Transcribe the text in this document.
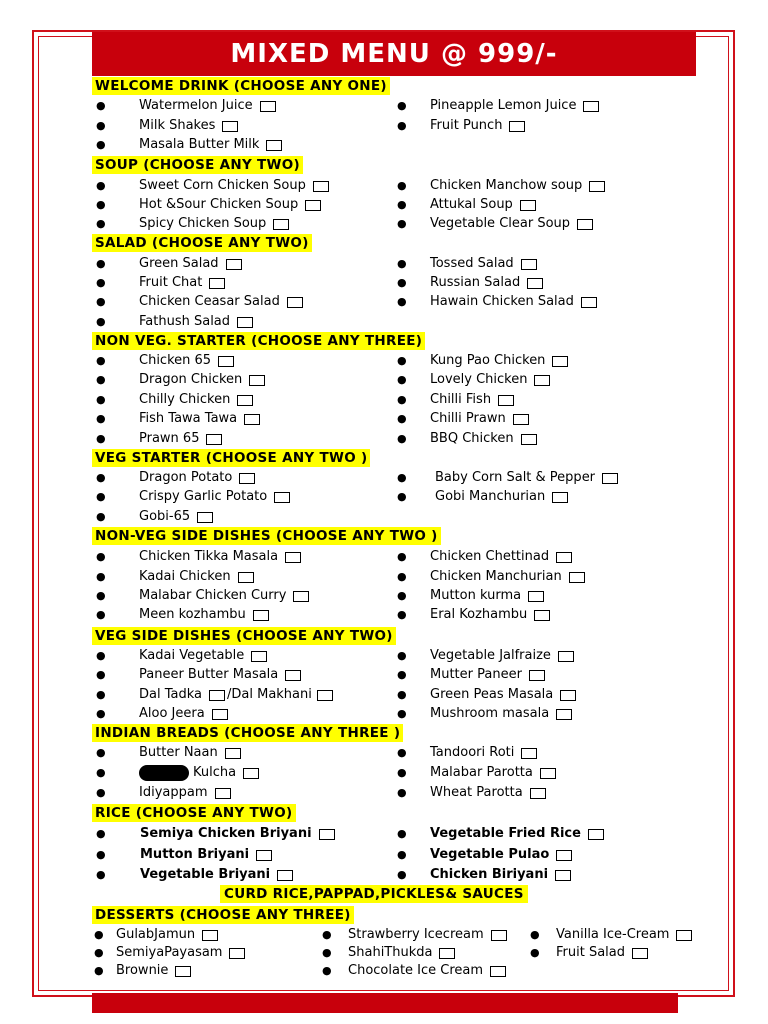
MIXED MENU @ 999/-
WELCOME DRINK (CHOOSE ANY ONE)
●	Watermelon Juice
●	Milk Shakes
●	Masala Butter Milk
● Pineapple Lemon Juice
● Fruit Punch
SOUP (CHOOSE ANY TWO)
●	Sweet Corn Chicken Soup
●	Hot &Sour Chicken Soup
●	Spicy Chicken Soup
● Chicken Manchow soup
● Attukal Soup
● Vegetable Clear Soup
SALAD (CHOOSE ANY TWO)
●	Green Salad
●	Fruit Chat
●	Chicken Ceasar Salad
●	Fathush Salad
● Tossed Salad
● Russian Salad
● Hawain Chicken Salad
NON VEG. STARTER (CHOOSE ANY THREE)
●	Chicken 65
●	Dragon Chicken
●	Chilly Chicken
●	Fish Tawa Tawa
●	Prawn 65
● Kung Pao Chicken
● Lovely Chicken
● Chilli Fish
● Chilli Prawn
● BBQ Chicken
VEG STARTER (CHOOSE ANY TWO )
●	Dragon Potato
●	Crispy Garlic Potato
●	Gobi-65
● Baby Corn Salt & Pepper
● Gobi Manchurian
NON-VEG SIDE DISHES (CHOOSE ANY TWO )
●	Chicken Tikka Masala
●	Kadai Chicken
●	Malabar Chicken Curry
●	Meen kozhambu
● Chicken Chettinad
● Chicken Manchurian
● Mutton kurma
● Eral Kozhambu
VEG SIDE DISHES (CHOOSE ANY TWO)
●	Kadai Vegetable
●	Paneer Butter Masala
●	Dal Tadka /Dal Makhani
●	Aloo Jeera
● Vegetable Jalfraize
● Mutter Paneer
● Green Peas Masala
● Mushroom masala
INDIAN BREADS (CHOOSE ANY THREE )
●	Butter Naan
●	Kulcha
●	Idiyappam
● Tandoori Roti
● Malabar Parotta
● Wheat Parotta
RICE (CHOOSE ANY TWO)
●	Semiya Chicken Briyani
●	Mutton Briyani
●	Vegetable Briyani
● Vegetable Fried Rice
● Vegetable Pulao
● Chicken Biriyani
DESSERTS (CHOOSE ANY THREE)
● GulabJamun
● SemiyaPayasam
● Brownie
● Strawberry Icecream
● ShahiThukda
● Chocolate Ice Cream
● Vanilla Ice-Cream
● Fruit Salad
CURD RICE,PAPPAD,PICKLES& SAUCES
